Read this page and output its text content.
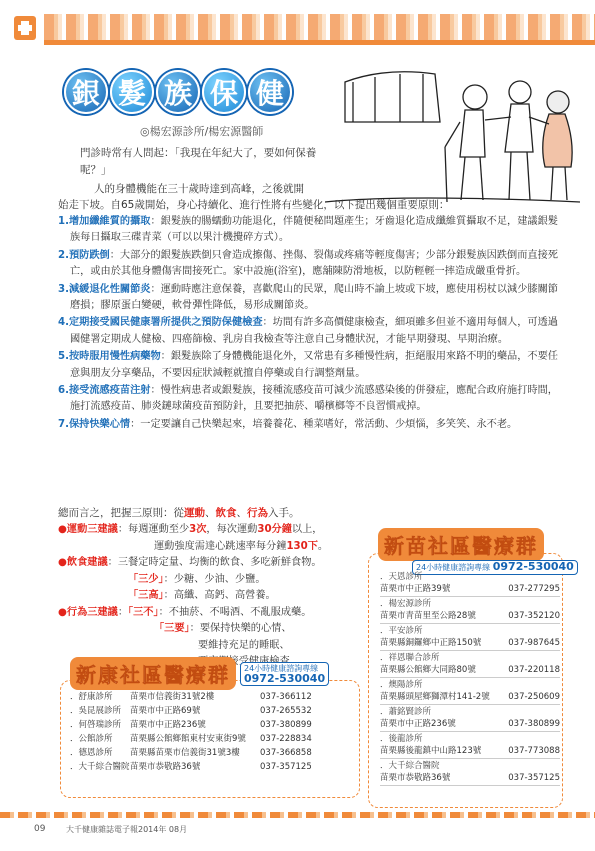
銀 髮 族 保 健
◎楊宏源診所/楊宏源醫師
門診時常有人問起：「我現在年紀大了，要如何保養呢？」
人的身體機能在三十歲時達到高峰，之後就開
始走下坡。自65歲開始，身心持續化、進行性將有些變化，以下提出幾個重要原則：
1.增加纖維質的攝取：銀髮族的腸蠕動功能退化，伴隨便秘問題產生；牙齒退化造成纖維質攝取不足，建議銀髮族每日攝取三碟青菜（可以以果汁機攪碎方式）。
2.預防跌倒：大部分的銀髮族跌倒只會造成擦傷、挫傷、裂傷或疼痛等輕度傷害；少部分銀髮族因跌倒而直接死亡，或由於其他身體傷害間接死亡。家中設施(浴室)，應舖陳防滑地板，以防輕輕一摔造成嚴重骨折。
3.減緩退化性關節炎：運動時應注意保養，喜歡爬山的民眾，爬山時不論上坡或下坡，應使用枴杖以減少膝關節磨損；膠原蛋白變硬，軟骨彈性降低，易形成關節炎。
4.定期接受國民健康署所提供之預防保健檢查：坊間有許多高價健康檢查，細項雖多但並不適用每個人，可透過國健署定期成人健檢、四癌篩檢、乳房自我檢查等注意自己身體狀況，才能早期發現、早期治療。
5.按時服用慢性病藥物：銀髮族除了身體機能退化外，又常患有多種慢性病，拒絕服用來路不明的藥品，不要任意與朋友分享藥品，不要因症狀減輕就擅自停藥或自行調整劑量。
6.接受流感疫苗注射：慢性病患者或銀髮族，接種流感疫苗可減少流感感染後的併發症，應配合政府施打時間，施打流感疫苗、肺炎鏈球菌疫苗預防針，且要把抽菸、嚼檳榔等不良習慣戒掉。
7.保持快樂心情：一定要讓自己快樂起來，培養養花、種菜嗜好，常活動、少煩惱，多笑笑、永不老。
總而言之，把握三原則：從運動、飲食、行為入手。
●運動三建議：每週運動至少3次，每次運動30分鐘以上，
運動強度需達心跳速率每分鐘130下。
●飲食建議：三餐定時定量、均衡的飲食、多吃新鮮食物。
「三少」：少糖、少油、少鹽。
「三高」：高纖、高鈣、高營養。
●行為三建議：「三不」：不抽菸、不喝酒、不亂服成藥。
「三要」：要保持快樂的心情、
要維持充足的睡眠、
新苗社區醫療群
24小時健康諮詢專線 0972-530040
．天恩診所
苗栗市中正路39號	037-277295
．楊宏源診所
苗栗市青苗里至公路28號	037-352120
．平安診所
苗栗縣銅鑼鄉中正路150號	037-987645
．祥恩聯合診所
苗栗縣公館鄉大同路80號	037-220118
．燠陽診所
苗栗縣頭屋鄉獅潭村141-2號 037-250609
．蕭銘賢診所
苗栗市中正路236號	037-380899
．後龍診所
苗栗縣後龍鎮中山路123號	037-773088
．大千綜合醫院
苗栗市恭敬路36號	037-357125
新康社區醫療群	24小時健康諮詢專線
0972-530040
．舒康診所	苗栗市信義街31號2樓	037-366112
．吳昆展診所	苗栗市中正路69號	037-265532
．何啓瑞診所	苗栗市中正路236號	037-380899
．公館診所	苗栗縣公館鄉館東村安東街9號	037-228834
．德恩診所	苗栗縣苗栗市信義街31號3樓	037-366858
．大千綜合醫院 苗栗市恭敬路36號	037-357125
09	大千健康雜誌電子報2014年 08月
